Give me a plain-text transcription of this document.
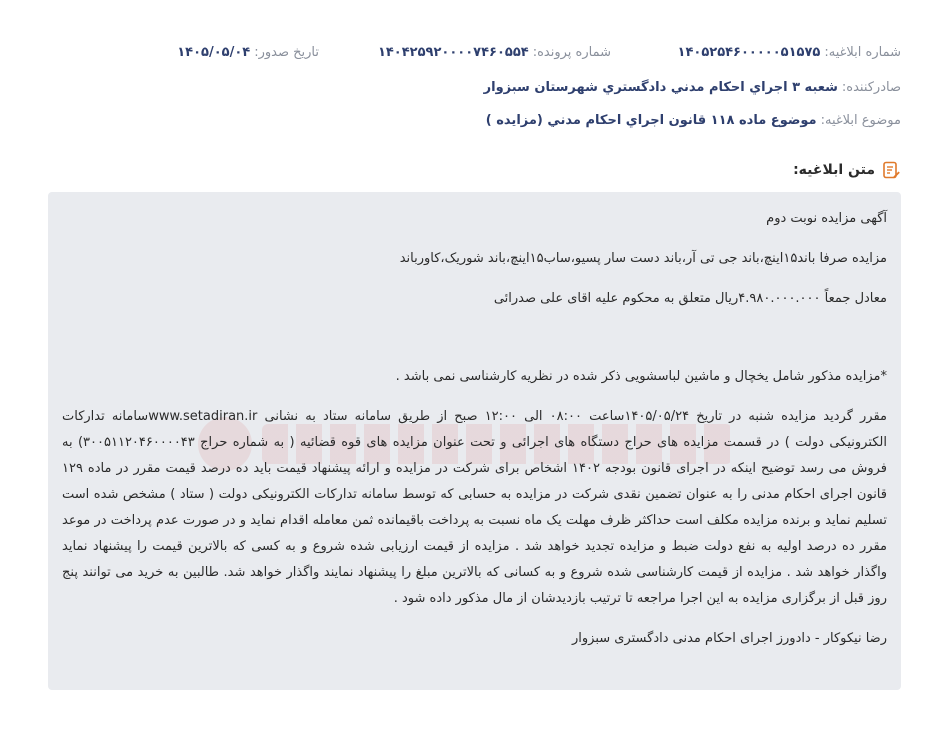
شماره ابلاغیه:
۱۴۰۵۲۵۴۶۰۰۰۰۰۵۱۵۷۵
شماره پرونده:
۱۴۰۴۲۵۹۲۰۰۰۰۷۴۶۰۵۵۴
تاریخ صدور:
۱۴۰۵/۰۵/۰۴
صادرکننده:
شعبه ۳ اجراي احكام مدني دادگستري شهرستان سبزوار
موضوع ابلاغیه:
موضوع ماده ۱۱۸ قانون اجراي احكام مدني (مزایده )
متن ابلاغیه:

آگهی مزایده نوبت دوم

مزایده صرفا باند۱۵اینچ،باند جی تی آر،باند دست سار پسیو،ساب۱۵اینچ،باند شوریک،کاورباند

معادل جمعاً ۴.۹۸۰.۰۰۰.۰۰۰ریال متعلق به محکوم علیه اقای علی صدرائی

*مزایده مذکور شامل یخچال و ماشین لباسشویی ذکر شده در نظریه کارشناسی نمی باشد .

مقرر گردید مزایده شنبه در تاریخ ۱۴۰۵/۰۵/۲۴ساعت ۰۸:۰۰ الی ۱۲:۰۰ صبح از طریق سامانه ستاد به نشانی www.setadiran.irسامانه تدارکات الکترونیکی دولت ) در قسمت مزایده های حراج دستگاه های اجرائی و تحت عنوان مزایده های قوه قضائیه ( به شماره حراج ۳۰۰۵۱۱۲۰۴۶۰۰۰۰۴۳) به فروش می رسد توضیح اینکه در اجرای قانون بودجه ۱۴۰۲ اشخاص برای شرکت در مزایده و ارائه پیشنهاد قیمت باید ده درصد قیمت مقرر در ماده ۱۲۹ قانون اجرای احکام مدنی را به عنوان تضمین نقدی شرکت در مزایده به حسابی که توسط سامانه تدارکات الکترونیکی دولت ( ستاد ) مشخص شده است تسلیم نماید و برنده مزایده مکلف است حداکثر ظرف مهلت یک ماه نسبت به پرداخت باقیمانده ثمن معامله اقدام نماید و در صورت عدم پرداخت در موعد مقرر ده درصد اولیه به نفع دولت ضبط و مزایده تجدید خواهد شد . مزایده از قیمت ارزیابی شده شروع و به کسی که بالاترین قیمت را پیشنهاد نماید واگذار خواهد شد . مزایده از قیمت کارشناسی شده شروع و به کسانی که بالاترین مبلغ را پیشنهاد نمایند واگذار خواهد شد. طالبین به خرید می توانند پنج روز قبل از برگزاری مزایده به این اجرا مراجعه تا ترتیب بازدیدشان از مال مذکور داده شود .

رضا نیکوکار - دادورز اجرای احکام مدنی دادگستری سبزوار
